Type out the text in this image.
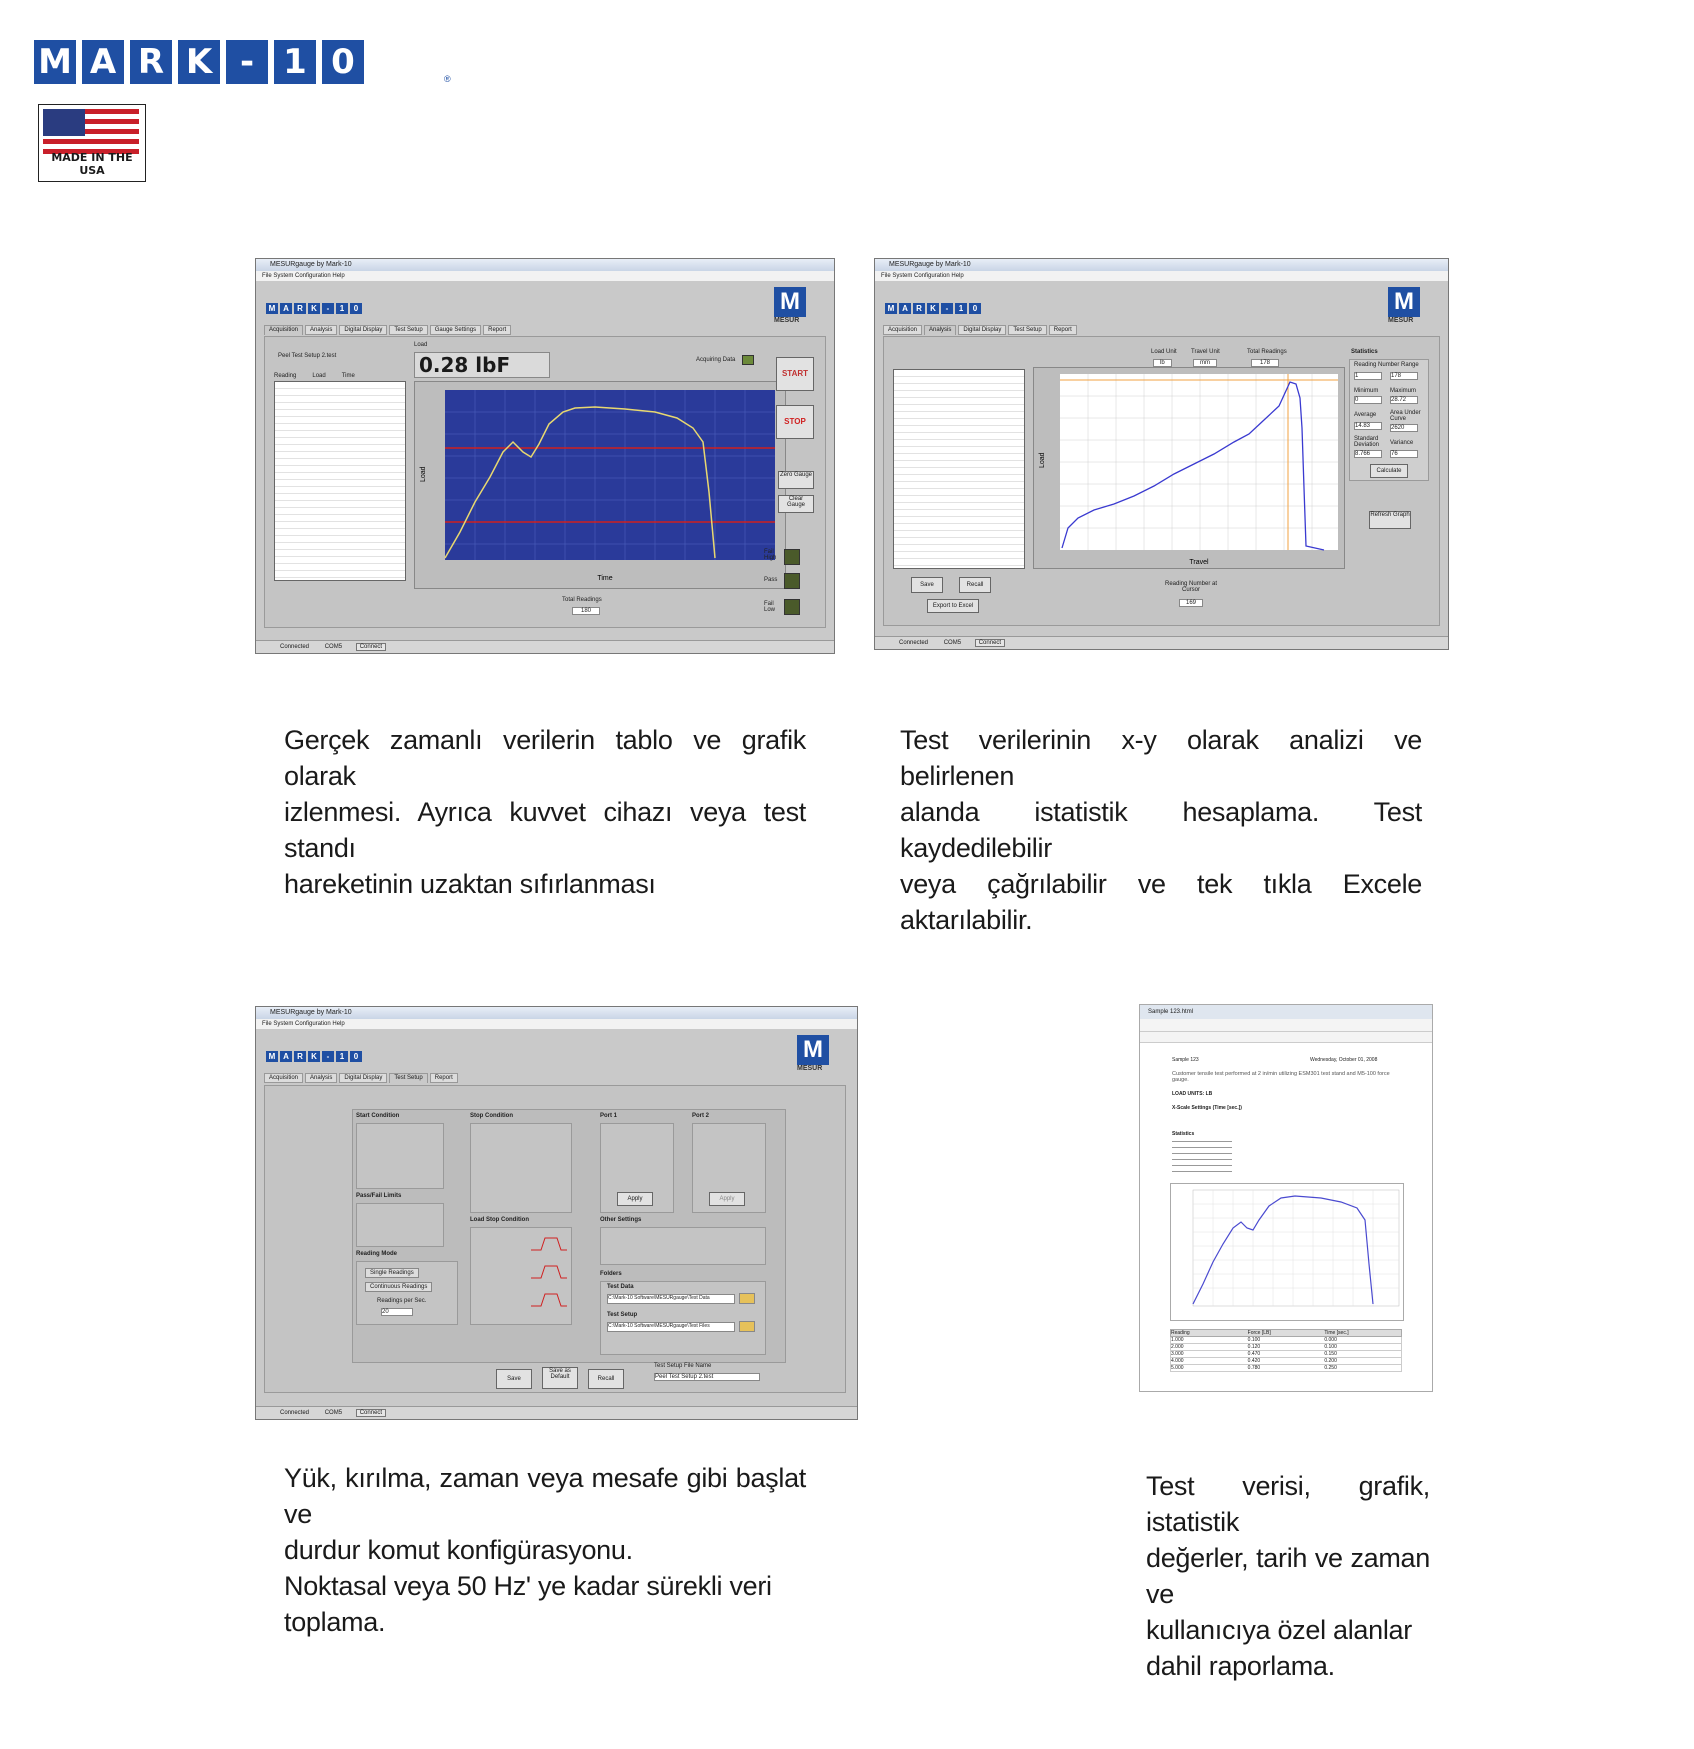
M A R K - 1 0	®
MADE IN THE USA
MESURgauge by Mark-10
File System Configuration Help
M A	R	K	-	1	0	M
MESUR
Acquisition	Analysis	Digital Display	Test Setup	Gauge Settings	Report
Peel Test Setup 2.test
Load
0.28 lbF	Acquiring Data
Reading	Load	Time
Time
Load
START
STOP
Zero Gauge
Clear Gauge
Fail High
Pass
Fail Low
Total Readings
180
Connected	COM5	Connect
MESURgauge by Mark-10
File System Configuration Help
M A	R	K	-	1	0	M
MESUR
Acquisition	Analysis	Digital Display	Test Setup	Report
Load Unit
lb
Travel Unit
mm
Total Readings
178
Travel
Load
Statistics
Reading Number Range
1	178
Minimum
0
Maximum
28.72
Average
14.83
Area Under Curve
2620
Standard Deviation
8.766
Variance
76
Calculate
Refresh Graph
Save	Recall
Export to Excel
Reading Number at Cursor
169
Connected	COM5	Connect
MESURgauge by Mark-10
File System Configuration Help
M A	R	K	-	1	0	M
MESUR
Acquisition	Analysis	Digital Display	Test Setup	Report
Start Condition	Stop Condition	Port 1
Apply
Port 2
Apply
Pass/Fail Limits
Load Stop Condition	Other Settings
Reading Mode
Single Readings
Continuous Readings
Readings per Sec.
20
Folders
Test Data
C:\Mark-10 Software\MESURgauge\Test Data
Test Setup
C:\Mark-10 Software\MESURgauge\Test Files
Save
Save as Default	Recall
Test Setup File Name
Peel Test Setup 2.test
Connected	COM5	Connect
Sample 123.html
Sample 123	Wednesday, October 01, 2008
Customer tensile test performed at 2 in/min utilizing ESM301 test stand and M5-100 force gauge.
LOAD UNITS: LB
X-Scale Settings (Time [sec.])
Statistics
Reading	Force [LB]	Time [sec.]
1.000	0.100	0.000
2.000	0.120	0.100
3.000	0.470	0.150
4.000	0.420	0.200
5.000	0.780	0.250
Gerçek zamanlı verilerin tablo ve grafik olarak
izlenmesi. Ayrıca kuvvet cihazı veya test standı
hareketinin uzaktan sıfırlanması
Test verilerinin x-y olarak analizi ve belirlenen
alanda istatistik hesaplama. Test kaydedilebilir
veya çağrılabilir ve tek tıkla Excele aktarılabilir.
Yük, kırılma, zaman veya mesafe gibi başlat ve
durdur komut konfigürasyonu.
Noktasal veya 50 Hz' ye kadar sürekli veri
toplama.
Test verisi, grafik, istatistik
değerler, tarih ve zaman ve
kullanıcıya özel alanlar
dahil raporlama.
